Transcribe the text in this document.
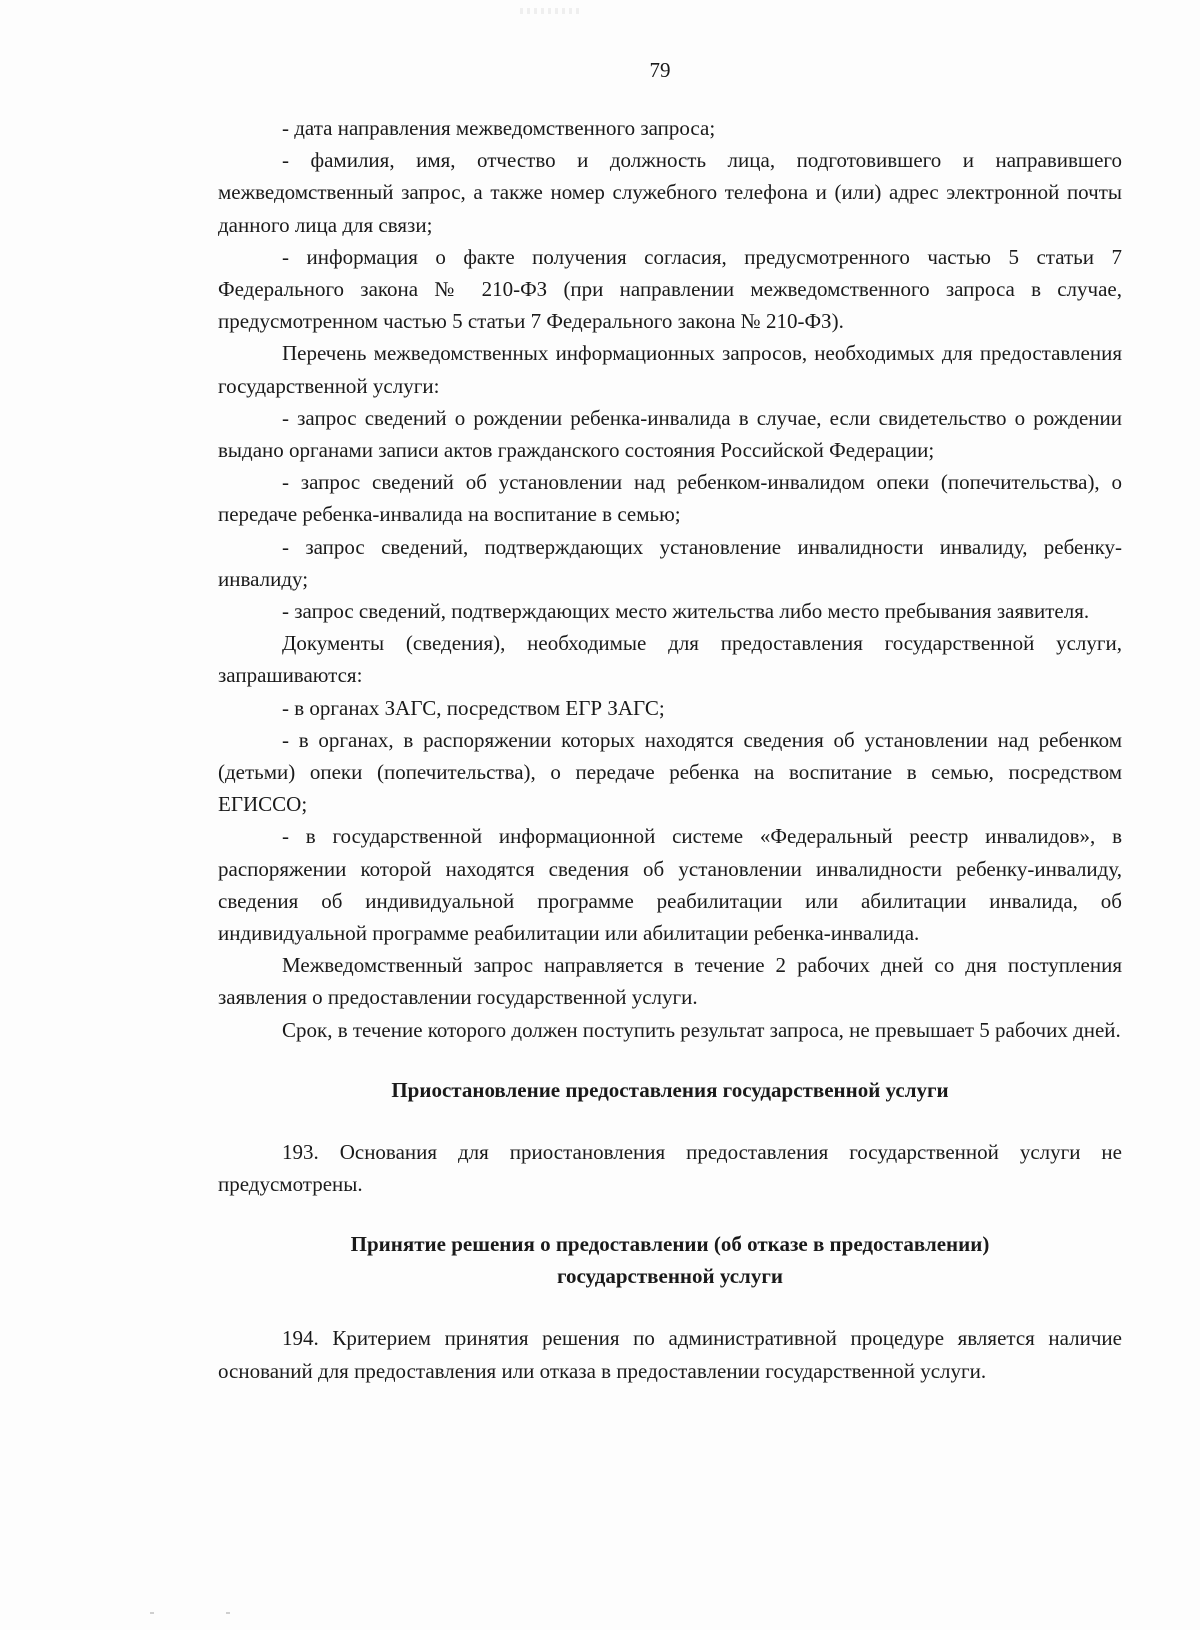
79

- дата направления межведомственного запроса;

- фамилия, имя, отчество и должность лица, подготовившего и направившего межведомственный запрос, а также номер служебного телефона и (или) адрес электронной почты данного лица для связи;

- информация о факте получения согласия, предусмотренного частью 5 статьи 7 Федерального закона № 210-ФЗ (при направлении межведомственного запроса в случае, предусмотренном частью 5 статьи 7 Федерального закона № 210-ФЗ).

Перечень межведомственных информационных запросов, необходимых для предоставления государственной услуги:

- запрос сведений о рождении ребенка-инвалида в случае, если свидетельство о рождении выдано органами записи актов гражданского состояния Российской Федерации;

- запрос сведений об установлении над ребенком-инвалидом опеки (попечительства), о передаче ребенка-инвалида на воспитание в семью;

- запрос сведений, подтверждающих установление инвалидности инвалиду, ребенку-инвалиду;

- запрос сведений, подтверждающих место жительства либо место пребывания заявителя.

Документы (сведения), необходимые для предоставления государственной услуги, запрашиваются:

- в органах ЗАГС, посредством ЕГР ЗАГС;

- в органах, в распоряжении которых находятся сведения об установлении над ребенком (детьми) опеки (попечительства), о передаче ребенка на воспитание в семью, посредством ЕГИССО;

- в государственной информационной системе «Федеральный реестр инвалидов», в распоряжении которой находятся сведения об установлении инвалидности ребенку-инвалиду, сведения об индивидуальной программе реабилитации или абилитации инвалида, об индивидуальной программе реабилитации или абилитации ребенка-инвалида.

Межведомственный запрос направляется в течение 2 рабочих дней со дня поступления заявления о предоставлении государственной услуги.

Срок, в течение которого должен поступить результат запроса, не превышает 5 рабочих дней.

Приостановление предоставления государственной услуги

193. Основания для приостановления предоставления государственной услуги не предусмотрены.

Принятие решения о предоставлении (об отказе в предоставлении)

государственной услуги

194. Критерием принятия решения по административной процедуре является наличие оснований для предоставления или отказа в предоставлении государственной услуги.
